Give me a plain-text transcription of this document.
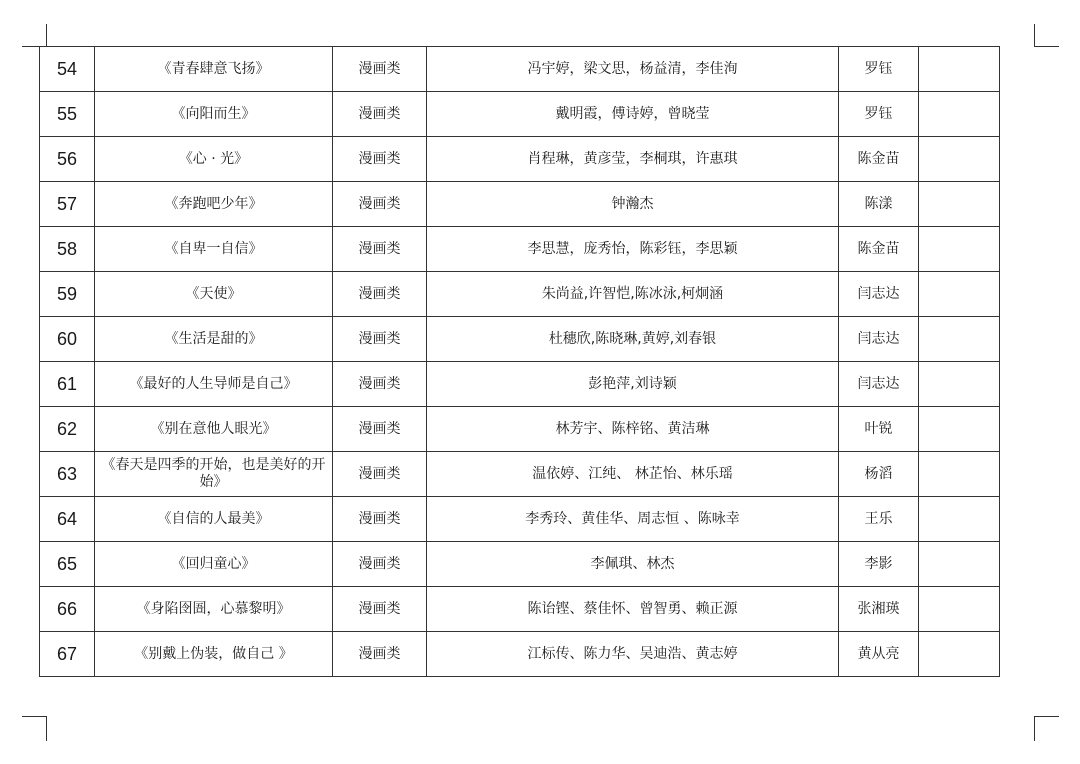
54	《青春肆意飞扬》	漫画类	冯宇婷，梁文思，杨益清，李佳洵	罗钰	
55	《向阳而生》	漫画类	戴明霞，傅诗婷，曾晓莹	罗钰	
56	《心 · 光》	漫画类	肖程琳，黄彦莹，李桐琪，许惠琪	陈金苗	
57	《奔跑吧少年》	漫画类	钟瀚杰	陈漾	
58	《自卑一自信》	漫画类	李思慧，庞秀怡，陈彩钰，李思颖	陈金苗	
59	《天使》	漫画类	朱尚益,许智恺,陈冰泳,柯炯涵	闫志达	
60	《生活是甜的》	漫画类	杜穗欣,陈晓琳,黄婷,刘春银	闫志达	
61	《最好的人生导师是自己》	漫画类	彭艳萍,刘诗颖	闫志达	
62	《别在意他人眼光》	漫画类	林芳宇、陈梓铭、黄洁琳	叶锐	
63	《春天是四季的开始，也是美好的开始》	漫画类	温依婷、江纯、 林芷怡、林乐瑶	杨滔	
64	《自信的人最美》	漫画类	李秀玲、黄佳华、周志恒 、陈咏幸	王乐	
65	《回归童心》	漫画类	李佩琪、林杰	李影	
66	《身陷囹圄，心慕黎明》	漫画类	陈诒铿、蔡佳怀、曾智勇、赖正源	张湘瑛	
67	《别戴上伪装，做自己 》	漫画类	江标传、陈力华、吴迪浩、黄志婷	黄从亮	
